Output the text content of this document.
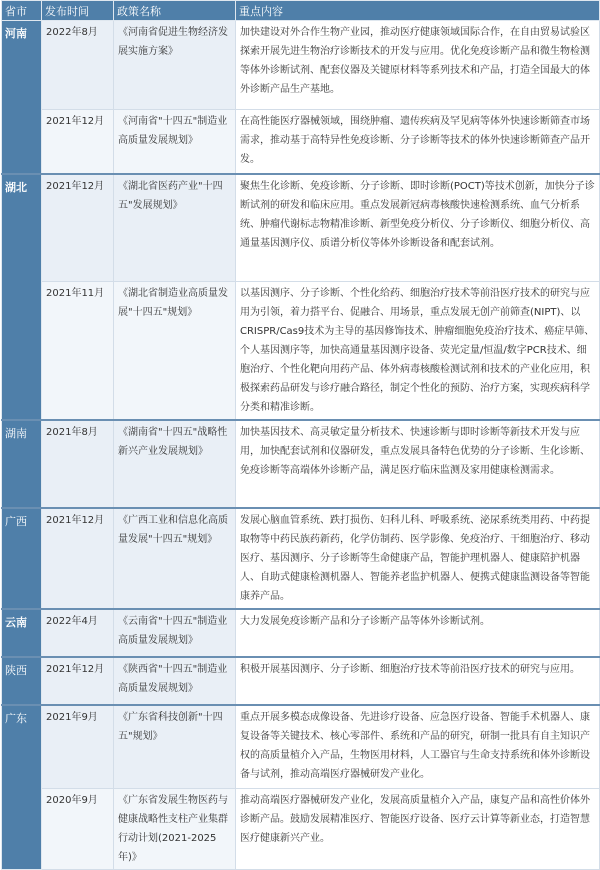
省市	发布时间	政策名称	重点内容
河南	2022年8月	《河南省促进生物经济发展实施方案》	加快建设对外合作生物产业园，推动医疗健康领域国际合作，在自由贸易试验区探索开展先进生物治疗诊断技术的开发与应用。优化免疫诊断产品和微生物检测等体外诊断试剂、配套仪器及关键原材料等系列技术和产品，打造全国最大的体外诊断产品生产基地。
	2021年12月	《河南省"十四五"制造业高质量发展规划》	在高性能医疗器械领域，围绕肿瘤、遗传疾病及罕见病等体外快速诊断筛查市场需求，推动基于高特异性免疫诊断、分子诊断等技术的体外快速诊断筛查产品开发。
湖北	2021年12月	《湖北省医药产业"十四五"发展规划》	聚焦生化诊断、免疫诊断、分子诊断、即时诊断(POCT)等技术创新，加快分子诊断试剂的研发和临床应用。重点发展新冠病毒核酸快速检测系统、血气分析系统、肿瘤代谢标志物精准诊断、新型免疫分析仪、分子诊断仪、细胞分析仪、高通量基因测序仪、质谱分析仪等体外诊断设备和配套试剂。
	2021年11月	《湖北省制造业高质量发展"十四五"规划》	以基因测序、分子诊断、个性化给药、细胞治疗技术等前沿医疗技术的研究与应用为引领，着力搭平台、促融合、用场景，重点发展无创产前筛查(NIPT)、以CRISPR/Cas9技术为主导的基因修饰技术、肿瘤细胞免疫治疗技术、癌症早筛、个人基因测序等，加快高通量基因测序设备、荧光定量/恒温/数字PCR技术、细胞治疗、个性化靶向用药产品、体外病毒核酸检测试剂和技术的产业化应用，积极探索药品研发与诊疗融合路径，制定个性化的预防、治疗方案，实现疾病科学分类和精准诊断。
湖南	2021年8月	《湖南省"十四五"战略性新兴产业发展规划》	加快基因技术、高灵敏定量分析技术、快速诊断与即时诊断等新技术开发与应用，加快配套试剂和仪器研发，重点发展具备特色优势的分子诊断、生化诊断、免疫诊断等高端体外诊断产品，满足医疗临床监测及家用健康检测需求。
广西	2021年12月	《广西工业和信息化高质量发展"十四五"规划》	发展心脑血管系统、跌打损伤、妇科儿科、呼吸系统、泌尿系统类用药、中药提取物等中药民族药新药，化学仿制药、医学影像、免疫治疗、干细胞治疗、移动医疗、基因测序、分子诊断等生命健康产品，智能护理机器人、健康陪护机器人、自助式健康检测机器人、智能养老监护机器人、便携式健康监测设备等智能康养产品。
云南	2022年4月	《云南省"十四五"制造业高质量发展规划》	大力发展免疫诊断产品和分子诊断产品等体外诊断试剂。
陕西	2021年12月	《陕西省"十四五"制造业高质量发展规划》	积极开展基因测序、分子诊断、细胞治疗技术等前沿医疗技术的研究与应用。
广东	2021年9月	《广东省科技创新"十四五"规划》	重点开展多模态成像设备、先进诊疗设备、应急医疗设备、智能手术机器人、康复设备等关键技术、核心零部件、系统和产品的研究，研制一批具有自主知识产权的高质量植介入产品，生物医用材料，人工器官与生命支持系统和体外诊断设备与试剂，推动高端医疗器械研发产业化。
	2020年9月	《广东省发展生物医药与健康战略性支柱产业集群行动计划(2021-2025年)》	推动高端医疗器械研发产业化，发展高质量植介入产品，康复产品和高性价体外诊断产品。鼓励发展精准医疗、智能医疗设备、医疗云计算等新业态，打造智慧医疗健康新兴产业。
